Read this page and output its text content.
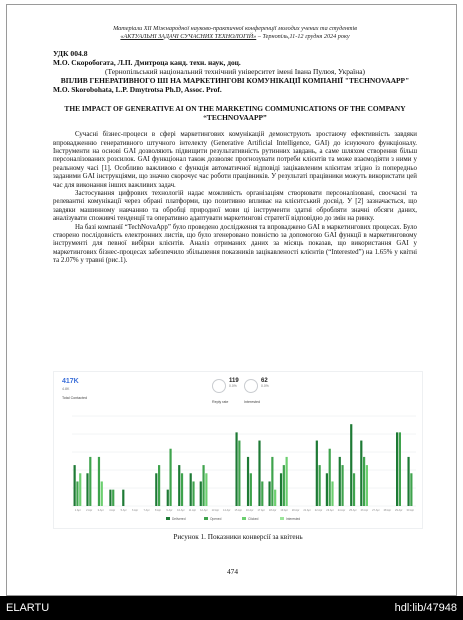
Матеріали ХІІ Міжнародної науково-практичної конференції молодих учених та студентів
«АКТУАЛЬНІ ЗАДАЧІ СУЧАСНИХ ТЕХНОЛОГІЙ» – Тернопіль,11-12 грудня 2024 року
УДК 004.8
М.О. Скоробогата, Л.П. Дмитроца канд. техн. наук, доц.
(Тернопільський національний технічний університет імені Івана Пулюя, Україна)
ВПЛИВ ГЕНЕРАТИВНОГО ШІ НА МАРКЕТИНГОВІ КОМУНІКАЦІЇ КОМПАНІЇ "TECHNOVAAPP"
M.O. Skorobohata, L.P. Dmytrotsa Ph.D, Assoc. Prof.
THE IMPACT OF GENERATIVE AI ON THE MARKETING COMMUNICATIONS OF THE COMPANY “TECHNOVAAPP”

Сучасні бізнес-процеси в сфері маркетингових комунікацій демонструють зростаючу ефективність завдяки впровадженню генеративного штучного інтелекту (Generative Artificial Intelligence, GAI) до існуючого функціоналу. Інструменти на основі GAI дозволяють підвищити результативність рутинних завдань, а саме шляхом створення більш персоналізованих розсилок. GAI функціонал також дозволяє прогнозувати потреби клієнтів та може взаємодіяти з ними у реальному часі [1]. Особливо важливою є функція автоматичної відповіді зацікавленим клієнтам згідно із попередньо заданими GAI інструкціями, що значно скорочує час роботи працівників. У результаті працівники можуть використати цей час для виконання інших важливих задач.

Застосування цифрових технологій надає можливість організаціям створювати персоналізовані, своєчасні та релевантні комунікації через обрані платформи, що позитивно впливає на клієнтський досвід. У [2] зазначається, що завдяки машинному навчанню та обробці природної мови ці інструменти здатні обробляти значні обсяги даних, аналізувати споживчі тенденції та оперативно адаптувати маркетингові стратегії відповідно до змін на ринку.

На базі компанії “TechNovaApp” було проведено дослідження та впроваджено GAI в маркетингових процесах. Було створено послідовність електронних листів, що було згенеровано повністю за допомогою GAI функції в маркетинговому інструменті для певної вибірки клієнтів. Аналіз отриманих даних за місяць показав, що використання GAI у маркетингових бізнес-процесах забезпечило збільшення показників зацікавленості клієнтів (“Interested”) на 1.65% у квітні та 2.07% у травні (рис.1).

417K
4.8K
Total Contacted
119
0.0%
Reply rate
62
0.0%
Interested
1 Apr 2 Apr 3 Apr 4 Apr 5 Apr 6 Apr 7 Apr 8 Apr 9 Apr 10 Apr 11 Apr 12 Apr 13 Apr 14 Apr 15 Apr 16 Apr 17 Apr 18 Apr 19 Apr 20 Apr 21 Apr 22 Apr 23 Apr 24 Apr 25 Apr 26 Apr 27 Apr 28 Apr 29 Apr 30 Apr
Delivered	Opened	Clicked	Interested
Рисунок 1. Показники конверсії за квітень
474
ELARTU	hdl:lib/47948
